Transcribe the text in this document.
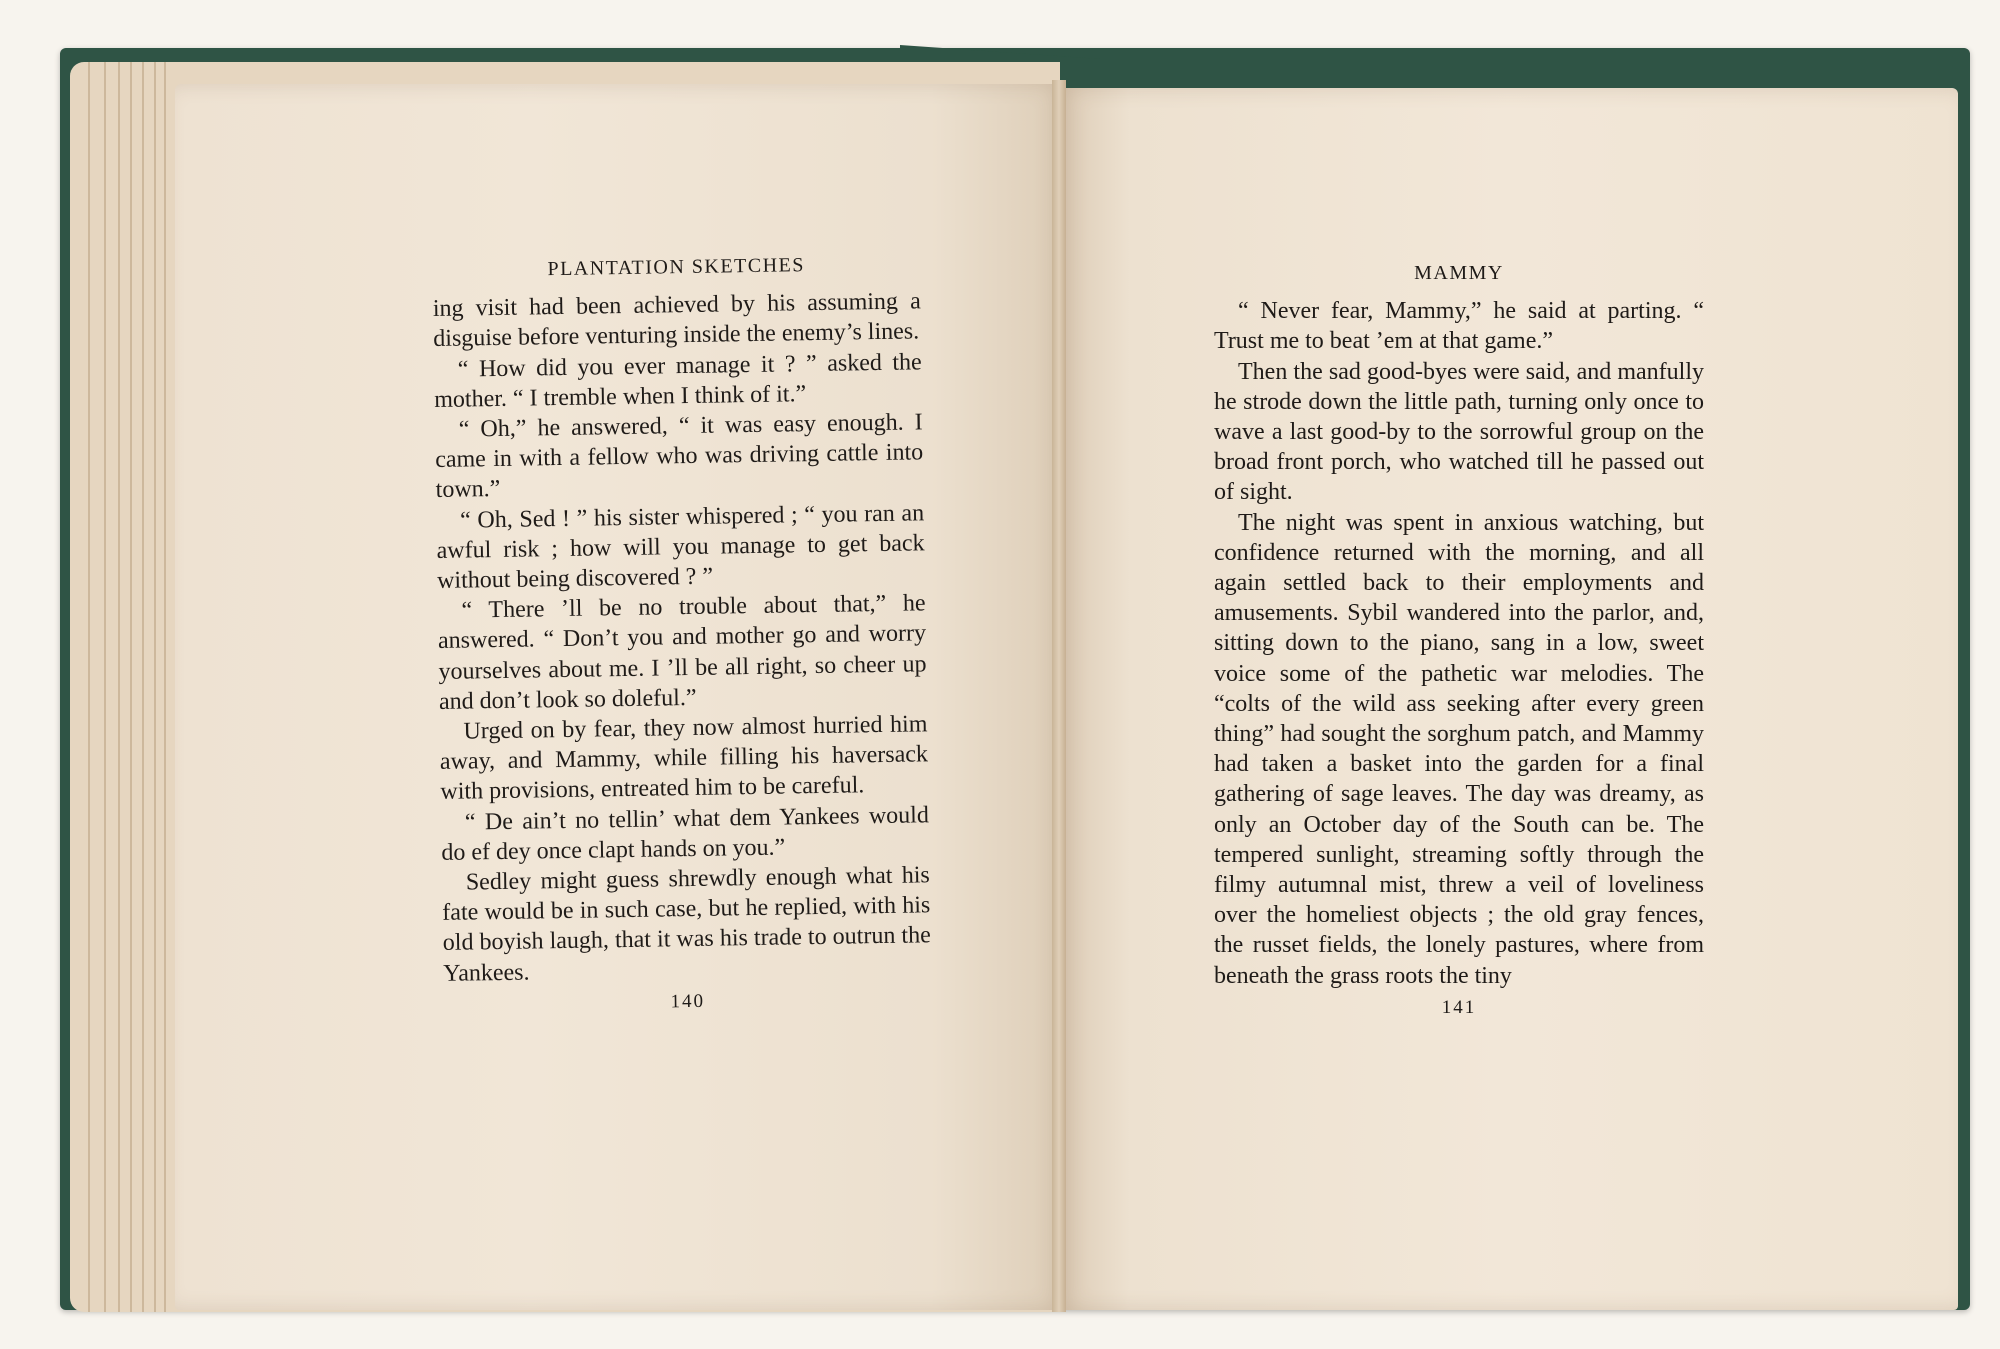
PLANTATION SKETCHES

ing visit had been achieved by his assuming a disguise before venturing inside the enemy’s lines.

“ How did you ever manage it ? ” asked the mother. “ I tremble when I think of it.”

“ Oh,” he answered, “ it was easy enough. I came in with a fellow who was driving cattle into town.”

“ Oh, Sed ! ” his sister whispered ; “ you ran an awful risk ; how will you manage to get back without being discovered ? ”

“ There ’ll be no trouble about that,” he answered. “ Don’t you and mother go and worry yourselves about me. I ’ll be all right, so cheer up and don’t look so doleful.”

Urged on by fear, they now almost hurried him away, and Mammy, while filling his haversack with provisions, entreated him to be careful.

“ De ain’t no tellin’ what dem Yankees would do ef dey once clapt hands on you.”

Sedley might guess shrewdly enough what his fate would be in such case, but he replied, with his old boyish laugh, that it was his trade to outrun the Yankees.

140
MAMMY

“ Never fear, Mammy,” he said at parting. “ Trust me to beat ’em at that game.”

Then the sad good-byes were said, and manfully he strode down the little path, turning only once to wave a last good-by to the sorrowful group on the broad front porch, who watched till he passed out of sight.

The night was spent in anxious watching, but confidence returned with the morning, and all again settled back to their employments and amusements. Sybil wandered into the parlor, and, sitting down to the piano, sang in a low, sweet voice some of the pathetic war melodies. The “colts of the wild ass seeking after every green thing” had sought the sorghum patch, and Mammy had taken a basket into the garden for a final gathering of sage leaves. The day was dreamy, as only an October day of the South can be. The tempered sunlight, streaming softly through the filmy autumnal mist, threw a veil of loveliness over the homeliest objects ; the old gray fences, the russet fields, the lonely pastures, where from beneath the grass roots the tiny

141
